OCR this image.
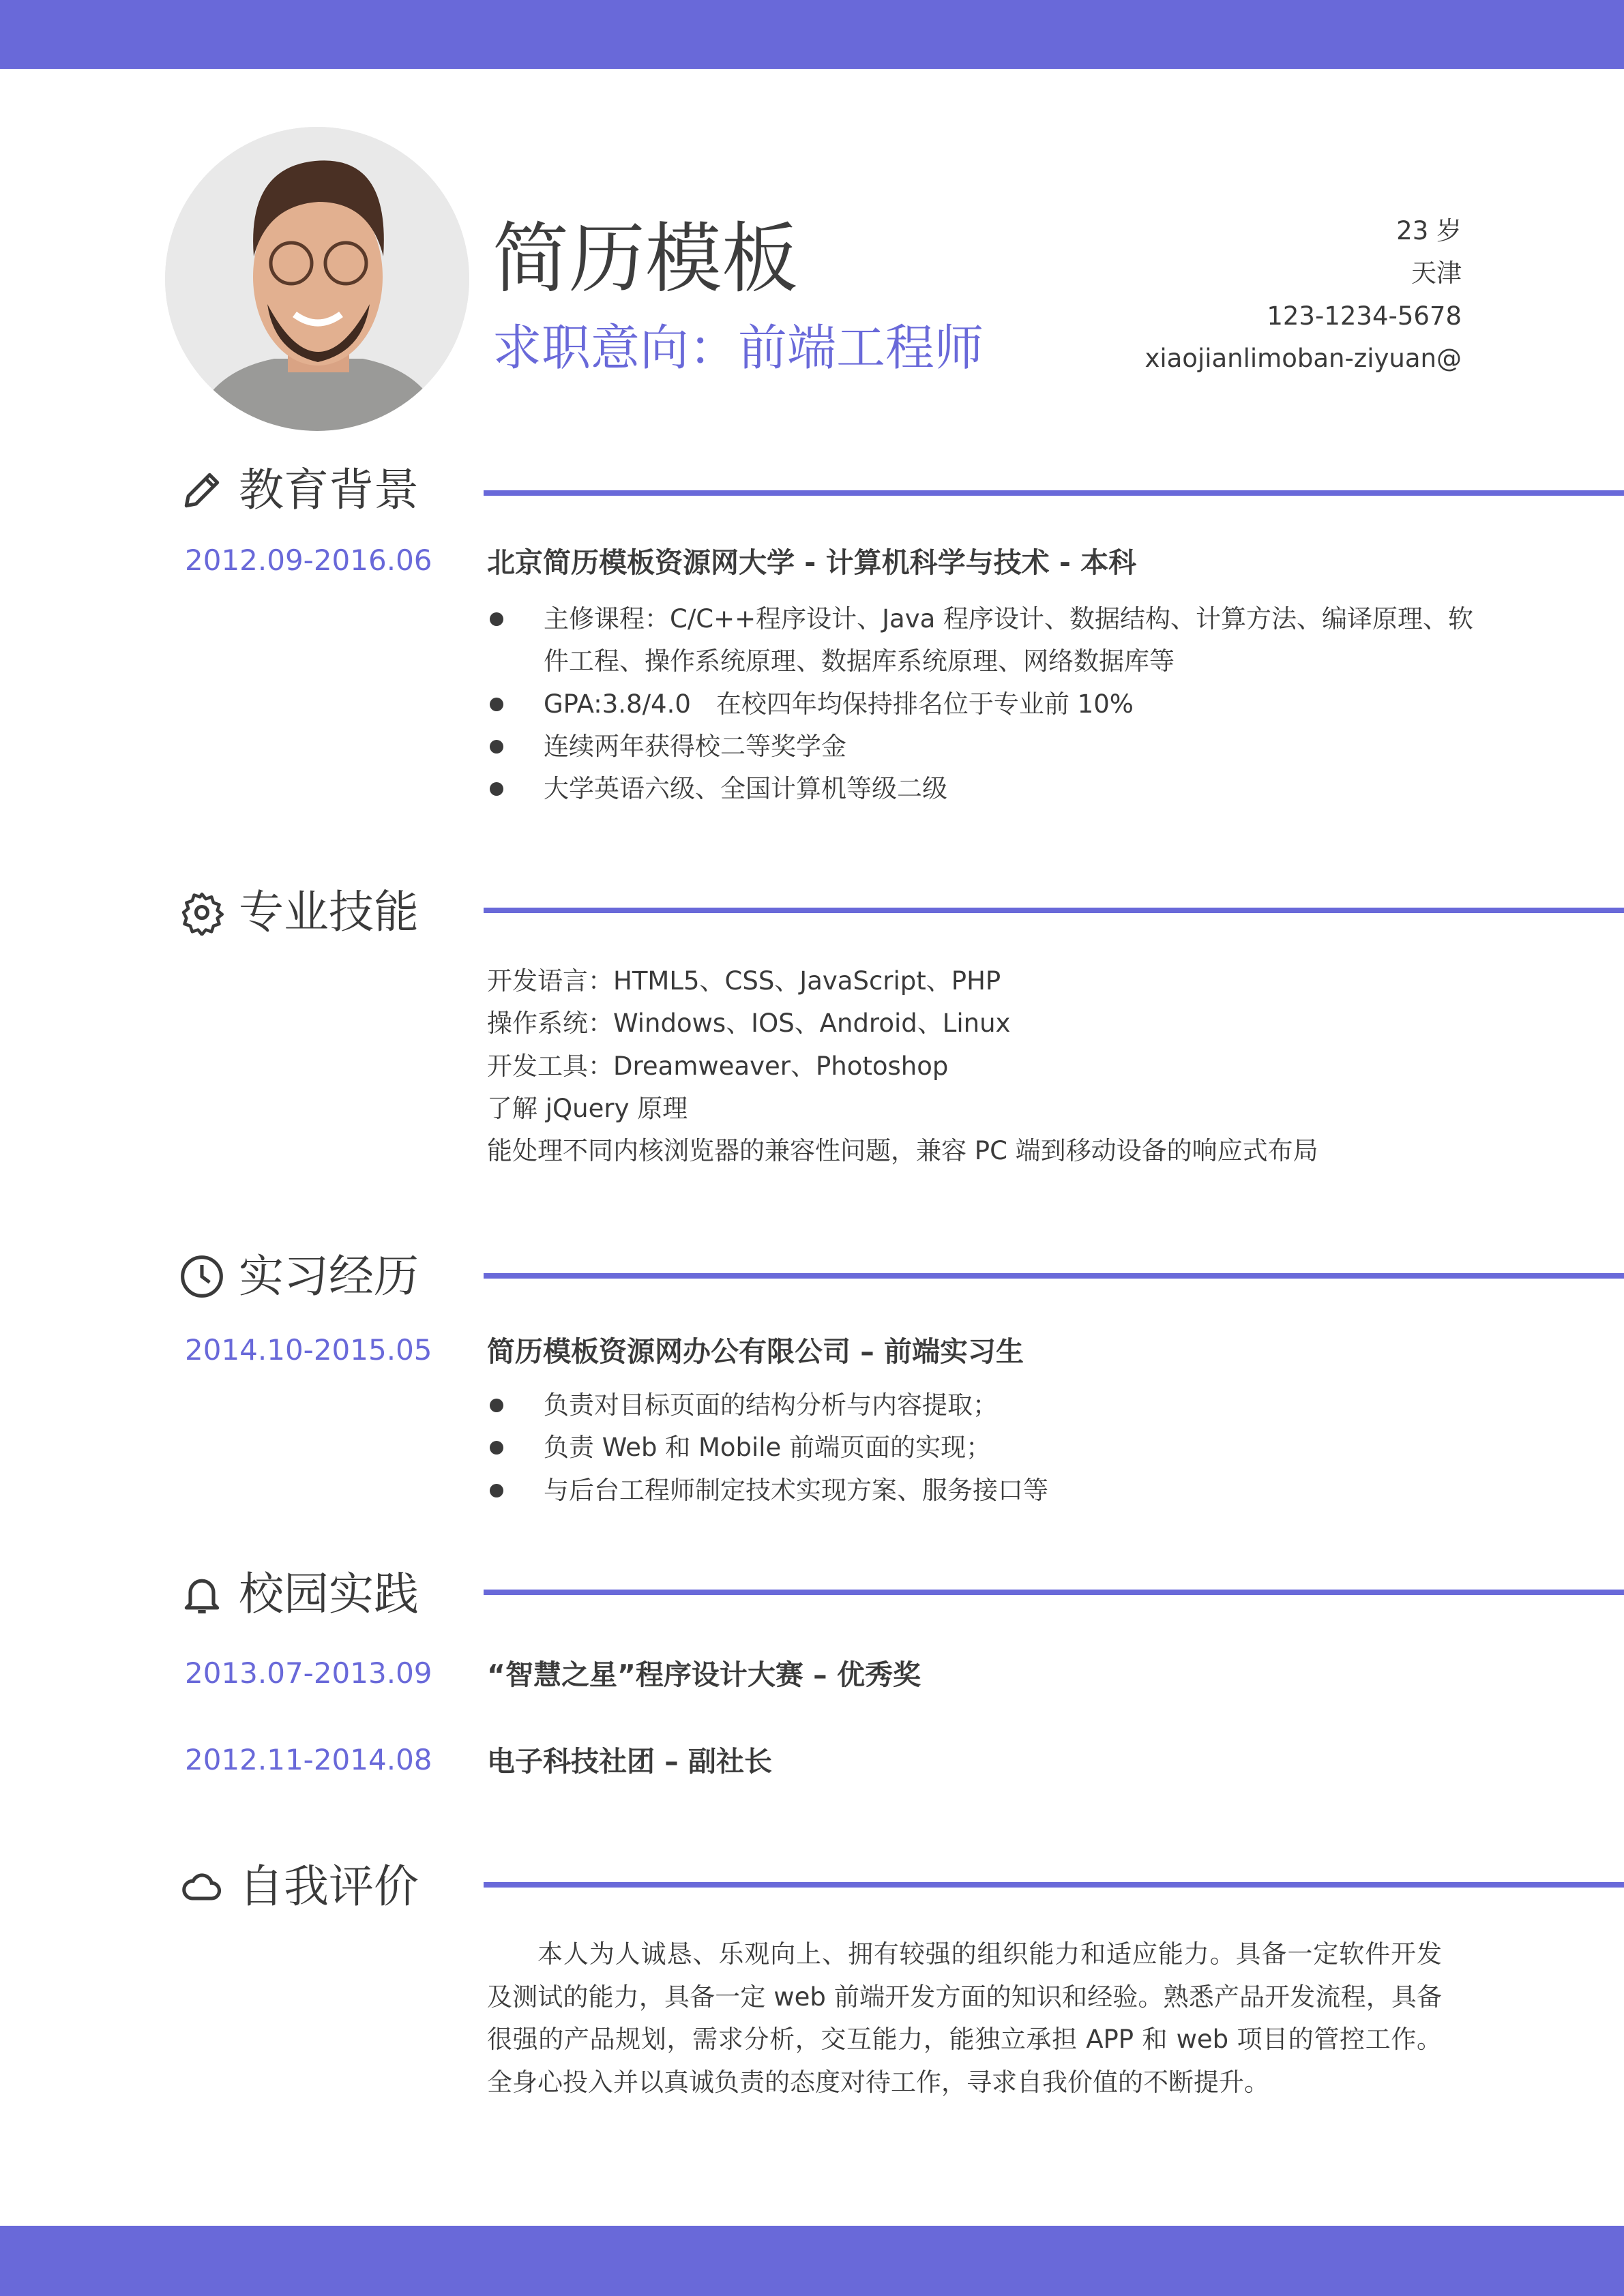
简历模板
求职意向：前端工程师
23 岁
天津
123-1234-5678
xiaojianlimoban-ziyuan@
教育背景
2012.09-2016.06 北京简历模板资源网大学 - 计算机科学与技术 - 本科
主修课程：C/C++程序设计、Java 程序设计、数据结构、计算方法、编译原理、软
件工程、操作系统原理、数据库系统原理、网络数据库等
GPA:3.8/4.0　在校四年均保持排名位于专业前 10%
连续两年获得校二等奖学金
大学英语六级、全国计算机等级二级
专业技能
开发语言：HTML5、CSS、JavaScript、PHP
操作系统：Windows、IOS、Android、Linux
开发工具：Dreamweaver、Photoshop
了解 jQuery 原理
能处理不同内核浏览器的兼容性问题，兼容 PC 端到移动设备的响应式布局
实习经历
2014.10-2015.05 简历模板资源网办公有限公司 – 前端实习生
负责对目标页面的结构分析与内容提取；
负责 Web 和 Mobile 前端页面的实现；
与后台工程师制定技术实现方案、服务接口等
校园实践
2013.07-2013.09 “智慧之星”程序设计大赛 – 优秀奖
2012.11-2014.08 电子科技社团 – 副社长
自我评价
本人为人诚恳、乐观向上、拥有较强的组织能力和适应能力。具备一定软件开发及测试的能力，具备一定 web 前端开发方面的知识和经验。熟悉产品开发流程，具备很强的产品规划，需求分析，交互能力，能独立承担 APP 和 web 项目的管控工作。全身心投入并以真诚负责的态度对待工作，寻求自我价值的不断提升。
